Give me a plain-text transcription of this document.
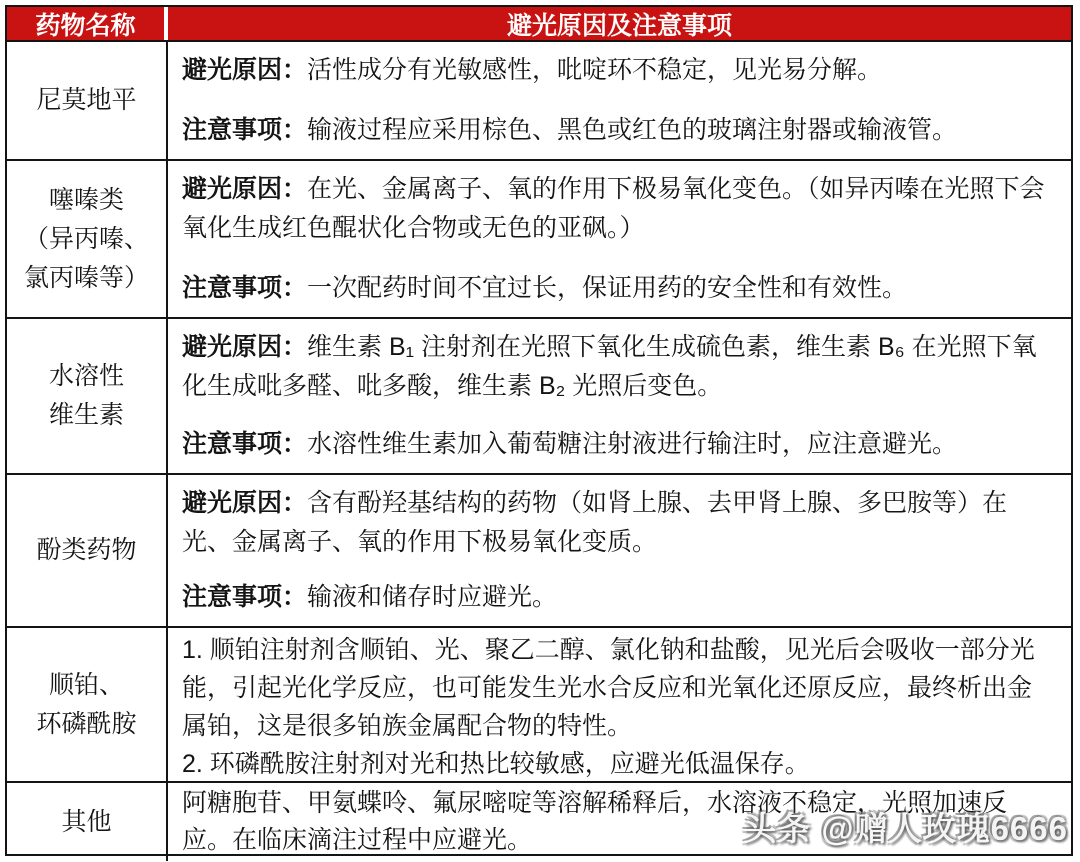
药物名称	避光原因及注意事项
尼莫地平

避光原因：活性成分有光敏感性，吡啶环不稳定，见光易分解。

注意事项：输液过程应采用棕色、黑色或红色的玻璃注射器或输液管。

噻嗪类
（异丙嗪、
氯丙嗪等）

避光原因：在光、金属离子、氧的作用下极易氧化变色。（如异丙嗪在光照下会氧化生成红色醌状化合物或无色的亚砜。）

注意事项：一次配药时间不宜过长，保证用药的安全性和有效性。

水溶性
维生素

避光原因：维生素 B₁ 注射剂在光照下氧化生成硫色素，维生素 B₆ 在光照下氧化生成吡多醛、吡多酸，维生素 B₂ 光照后变色。

注意事项：水溶性维生素加入葡萄糖注射液进行输注时，应注意避光。

酚类药物

避光原因：含有酚羟基结构的药物（如肾上腺、去甲肾上腺、多巴胺等）在光、金属离子、氧的作用下极易氧化变质。

注意事项：输液和储存时应避光。

顺铂、
环磷酰胺

1. 顺铂注射剂含顺铂、光、聚乙二醇、氯化钠和盐酸，见光后会吸收一部分光能，引起光化学反应，也可能发生光水合反应和光氧化还原反应，最终析出金属铂，这是很多铂族金属配合物的特性。

2. 环磷酰胺注射剂对光和热比较敏感，应避光低温保存。

其他

阿糖胞苷、甲氨蝶呤、氟尿嘧啶等溶解稀释后，水溶液不稳定，光照加速反应。在临床滴注过程中应避光。	头条 @赠人玫瑰6666
